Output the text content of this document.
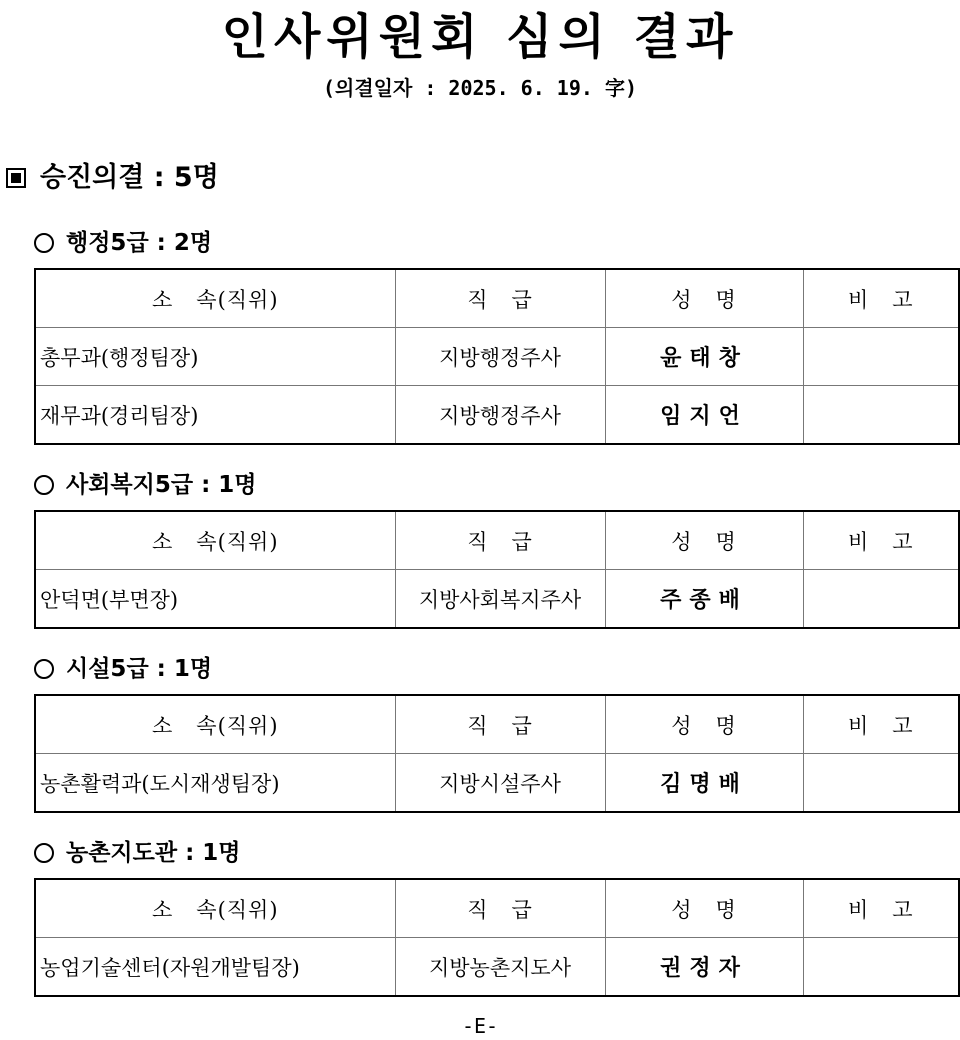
인사위원회 심의 결과
(의결일자 : 2025. 6. 19. 字)
승진의결 : 5명
행정5급 : 2명
소   속(직위)	직   급	성   명	비   고
총무과(행정팀장)	지방행정주사	윤태창	
재무과(경리팀장)	지방행정주사	임지언	
사회복지5급 : 1명
소   속(직위)	직   급	성   명	비   고
안덕면(부면장)	지방사회복지주사	주종배	
시설5급 : 1명
소   속(직위)	직   급	성   명	비   고
농촌활력과(도시재생팀장)	지방시설주사	김명배	
농촌지도관 : 1명
소   속(직위)	직   급	성   명	비   고
농업기술센터(자원개발팀장)	지방농촌지도사	권정자	
-E-
